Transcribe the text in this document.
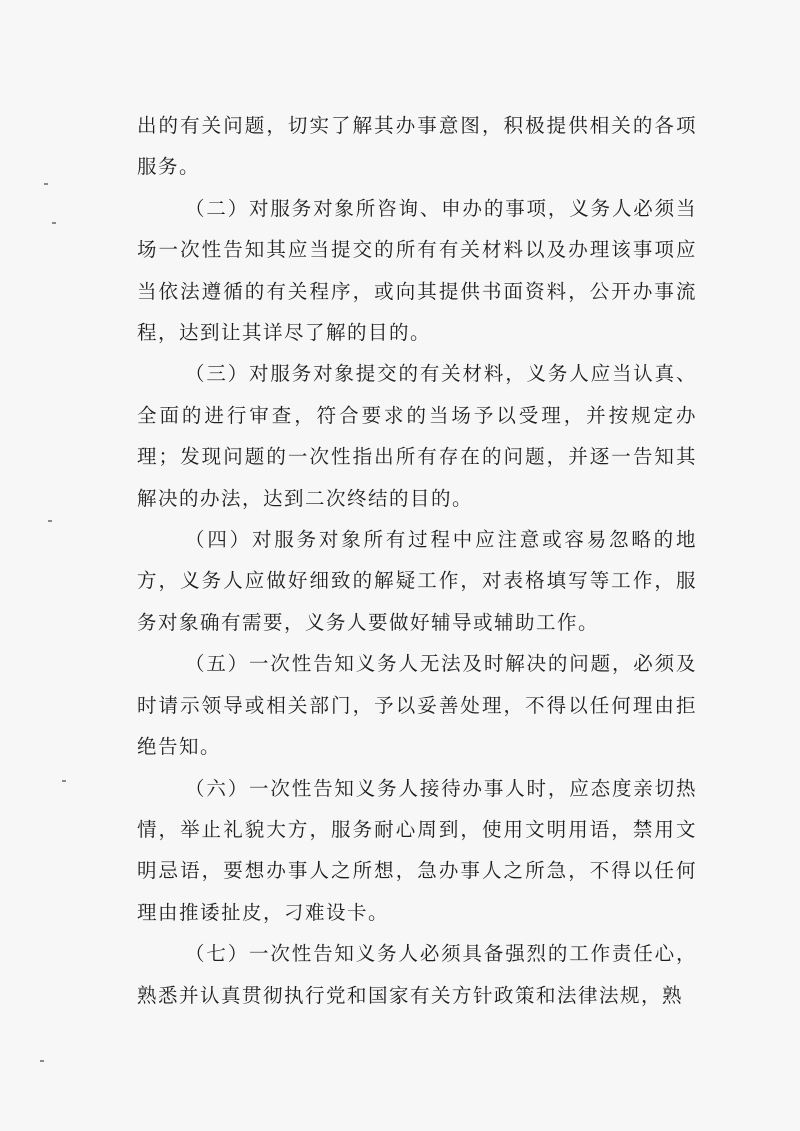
出的有关问题，切实了解其办事意图，积极提供相关的各项服务。

（二）对服务对象所咨询、申办的事项，义务人必须当场一次性告知其应当提交的所有有关材料以及办理该事项应当依法遵循的有关程序，或向其提供书面资料，公开办事流程，达到让其详尽了解的目的。

（三）对服务对象提交的有关材料，义务人应当认真、全面的进行审查，符合要求的当场予以受理，并按规定办理；发现问题的一次性指出所有存在的问题，并逐一告知其解决的办法，达到二次终结的目的。

（四）对服务对象所有过程中应注意或容易忽略的地方，义务人应做好细致的解疑工作，对表格填写等工作，服务对象确有需要，义务人要做好辅导或辅助工作。

（五）一次性告知义务人无法及时解决的问题，必须及时请示领导或相关部门，予以妥善处理，不得以任何理由拒绝告知。

（六）一次性告知义务人接待办事人时，应态度亲切热情，举止礼貌大方，服务耐心周到，使用文明用语，禁用文明忌语，要想办事人之所想，急办事人之所急，不得以任何理由推诿扯皮，刁难设卡。

（七）一次性告知义务人必须具备强烈的工作责任心，熟悉并认真贯彻执行党和国家有关方针政策和法律法规，熟
